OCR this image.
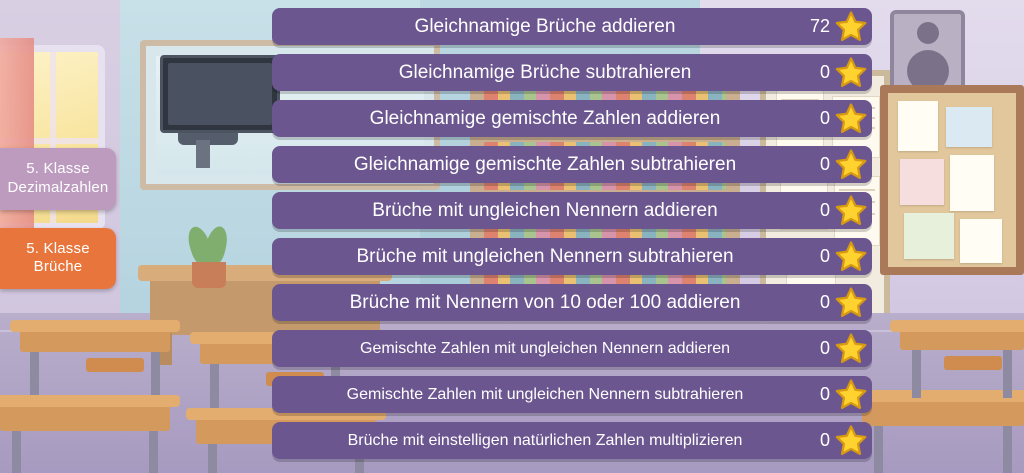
5. Klasse
Dezimalzahlen
5. Klasse
Brüche
Gleichnamige Brüche addieren	72
Gleichnamige Brüche subtrahieren	0
Gleichnamige gemischte Zahlen addieren	0
Gleichnamige gemischte Zahlen subtrahieren	0
Brüche mit ungleichen Nennern addieren	0
Brüche mit ungleichen Nennern subtrahieren	0
Brüche mit Nennern von 10 oder 100 addieren	0
Gemischte Zahlen mit ungleichen Nennern addieren	0
Gemischte Zahlen mit ungleichen Nennern subtrahieren	0
Brüche mit einstelligen natürlichen Zahlen multiplizieren	0
